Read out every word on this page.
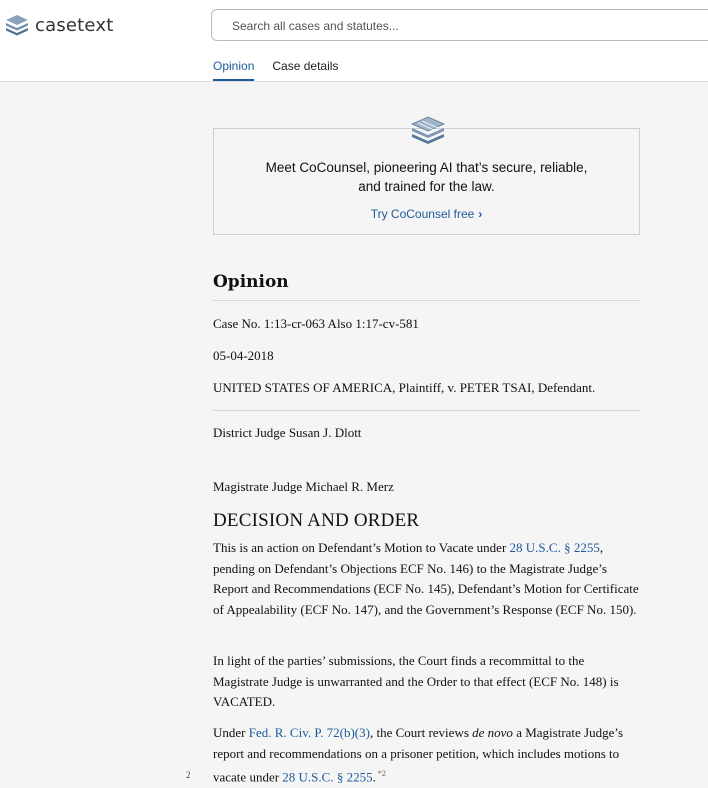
casetext
Search all cases and statutes...
Opinion Case details
Meet CoCounsel, pioneering AI that’s secure, reliable,
and trained for the law.
Try CoCounsel free ›
Opinion
Case No. 1:13-cr-063 Also 1:17-cv-581
05-04-2018
UNITED STATES OF AMERICA, Plaintiff, v. PETER TSAI, Defendant.
District Judge Susan J. Dlott
Magistrate Judge Michael R. Merz
DECISION AND ORDER
This is an action on Defendant’s Motion to Vacate under 28 U.S.C. § 2255, pending on Defendant’s Objections ECF No. 146) to the Magistrate Judge’s Report and Recommendations (ECF No. 145), Defendant’s Motion for Certificate of Appealability (ECF No. 147), and the Government’s Response (ECF No. 150).
In light of the parties’ submissions, the Court finds a recommittal to the Magistrate Judge is unwarranted and the Order to that effect (ECF No. 148) is VACATED.
Under Fed. R. Civ. P. 72(b)(3), the Court reviews de novo a Magistrate Judge’s report and recommendations on a prisoner petition, which includes motions to vacate under 28 U.S.C. § 2255. $^{*2}$
2
